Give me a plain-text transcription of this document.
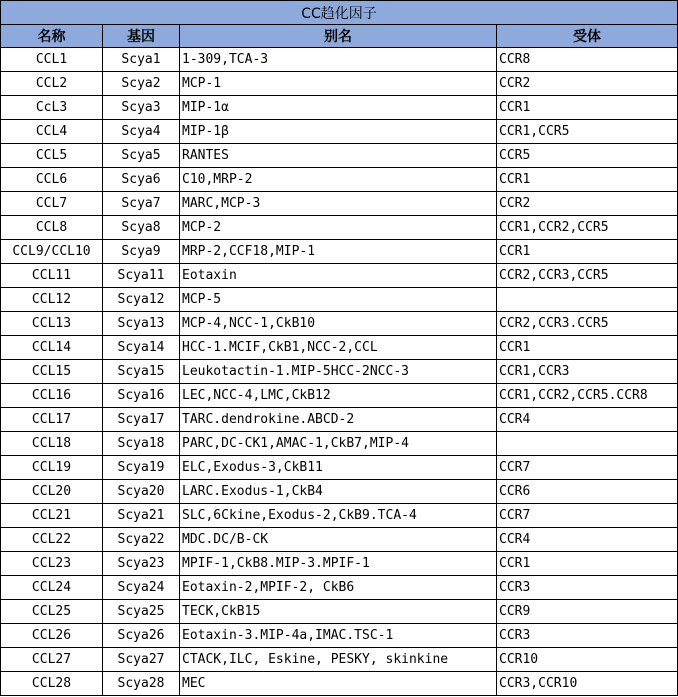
CC趋化因子			
名称	基因	别名	受体
CCL1	Scya1	1-309,TCA-3	CCR8
CCL2	Scya2	MCP-1	CCR2
CcL3	Scya3	MIP-1α	CCR1
CCL4	Scya4	MIP-1β	CCR1,CCR5
CCL5	Scya5	RANTES	CCR5
CCL6	Scya6	C10,MRP-2	CCR1
CCL7	Scya7	MARC,MCP-3	CCR2
CCL8	Scya8	MCP-2	CCR1,CCR2,CCR5
CCL9/CCL10	Scya9	MRP-2,CCF18,MIP-1	CCR1
CCL11	Scya11	Eotaxin	CCR2,CCR3,CCR5
CCL12	Scya12	MCP-5	
CCL13	Scya13	MCP-4,NCC-1,CkB10	CCR2,CCR3.CCR5
CCL14	Scya14	HCC-1.MCIF,CkB1,NCC-2,CCL	CCR1
CCL15	Scya15	Leukotactin-1.MIP-5HCC-2NCC-3	CCR1,CCR3
CCL16	Scya16	LEC,NCC-4,LMC,CkB12	CCR1,CCR2,CCR5.CCR8
CCL17	Scya17	TARC.dendrokine.ABCD-2	CCR4
CCL18	Scya18	PARC,DC-CK1,AMAC-1,CkB7,MIP-4	
CCL19	Scya19	ELC,Exodus-3,CkB11	CCR7
CCL20	Scya20	LARC.Exodus-1,CkB4	CCR6
CCL21	Scya21	SLC,6Ckine,Exodus-2,CkB9.TCA-4	CCR7
CCL22	Scya22	MDC.DC/B-CK	CCR4
CCL23	Scya23	MPIF-1,CkB8.MIP-3.MPIF-1	CCR1
CCL24	Scya24	Eotaxin-2,MPIF-2, CkB6	CCR3
CCL25	Scya25	TECK,CkB15	CCR9
CCL26	Scya26	Eotaxin-3.MIP-4a,IMAC.TSC-1	CCR3
CCL27	Scya27	CTACK,ILC, Eskine, PESKY, skinkine	CCR10
CCL28	Scya28	MEC	CCR3,CCR10
